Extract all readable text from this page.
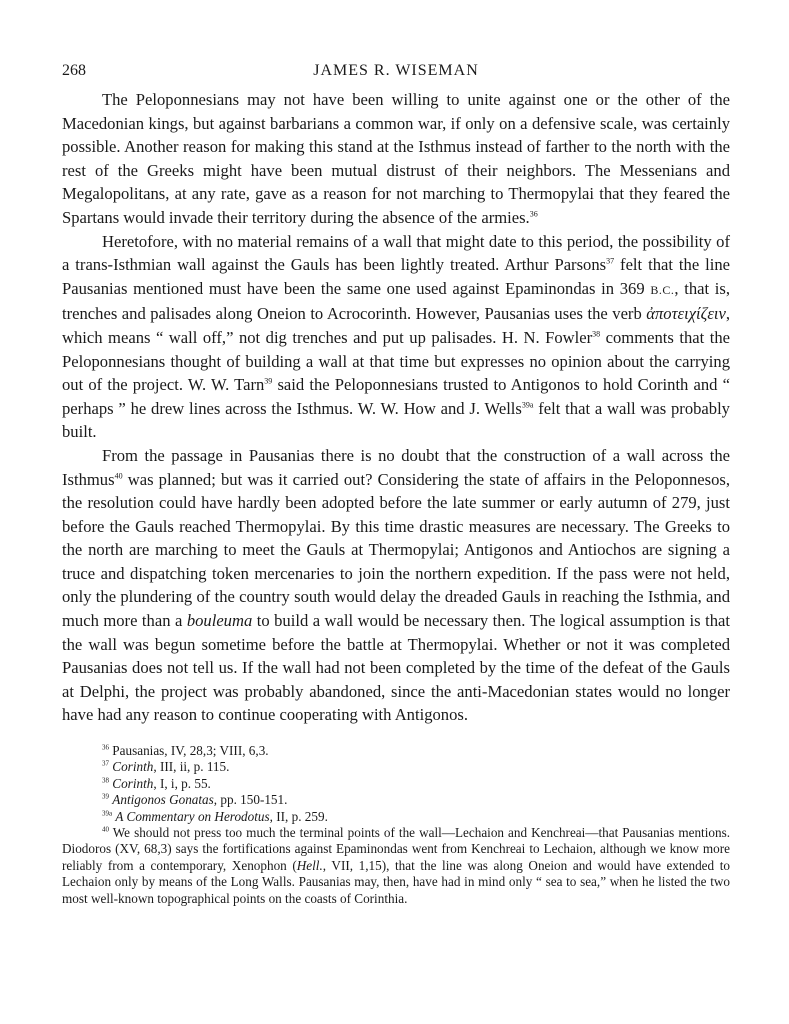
268	JAMES R. WISEMAN

The Peloponnesians may not have been willing to unite against one or the other of the Macedonian kings, but against barbarians a common war, if only on a defensive scale, was certainly possible. Another reason for making this stand at the Isthmus instead of farther to the north with the rest of the Greeks might have been mutual distrust of their neighbors. The Messenians and Megalopolitans, at any rate, gave as a reason for not marching to Thermopylai that they feared the Spartans would invade their territory during the absence of the armies.$^{36}$

Heretofore, with no material remains of a wall that might date to this period, the possibility of a trans-Isthmian wall against the Gauls has been lightly treated. Arthur Parsons$^{37}$ felt that the line Pausanias mentioned must have been the same one used against Epaminondas in 369 B.C., that is, trenches and palisades along Oneion to Acrocorinth. However, Pausanias uses the verb ἀποτειχίζειν, which means “ wall off,” not dig trenches and put up palisades. H. N. Fowler$^{38}$ comments that the Peloponnesians thought of building a wall at that time but expresses no opinion about the carrying out of the project. W. W. Tarn$^{39}$ said the Peloponnesians trusted to Antigonos to hold Corinth and “ perhaps ” he drew lines across the Isthmus. W. W. How and J. Wells$^{39a}$ felt that a wall was probably built.

From the passage in Pausanias there is no doubt that the construction of a wall across the Isthmus$^{40}$ was planned; but was it carried out? Considering the state of affairs in the Peloponnesos, the resolution could have hardly been adopted before the late summer or early autumn of 279, just before the Gauls reached Thermopylai. By this time drastic measures are necessary. The Greeks to the north are marching to meet the Gauls at Thermopylai; Antigonos and Antiochos are signing a truce and dispatching token mercenaries to join the northern expedition. If the pass were not held, only the plundering of the country south would delay the dreaded Gauls in reaching the Isthmia, and much more than a bouleuma to build a wall would be necessary then. The logical assumption is that the wall was begun sometime before the battle at Thermopylai. Whether or not it was completed Pausanias does not tell us. If the wall had not been completed by the time of the defeat of the Gauls at Delphi, the project was probably abandoned, since the anti-Macedonian states would no longer have had any reason to continue cooperating with Antigonos.

$^{36}$ Pausanias, IV, 28,3; VIII, 6,3.
$^{37}$ Corinth, III, ii, p. 115.
$^{38}$ Corinth, I, i, p. 55.
$^{39}$ Antigonos Gonatas, pp. 150-151.
$^{39a}$ A Commentary on Herodotus, II, p. 259.
$^{40}$ We should not press too much the terminal points of the wall—Lechaion and Kenchreai—that Pausanias mentions. Diodoros (XV, 68,3) says the fortifications against Epaminondas went from Kenchreai to Lechaion, although we know more reliably from a contemporary, Xenophon (Hell., VII, 1,15), that the line was along Oneion and would have extended to Lechaion only by means of the Long Walls. Pausanias may, then, have had in mind only “ sea to sea,” when he listed the two most well-known topographical points on the coasts of Corinthia.
